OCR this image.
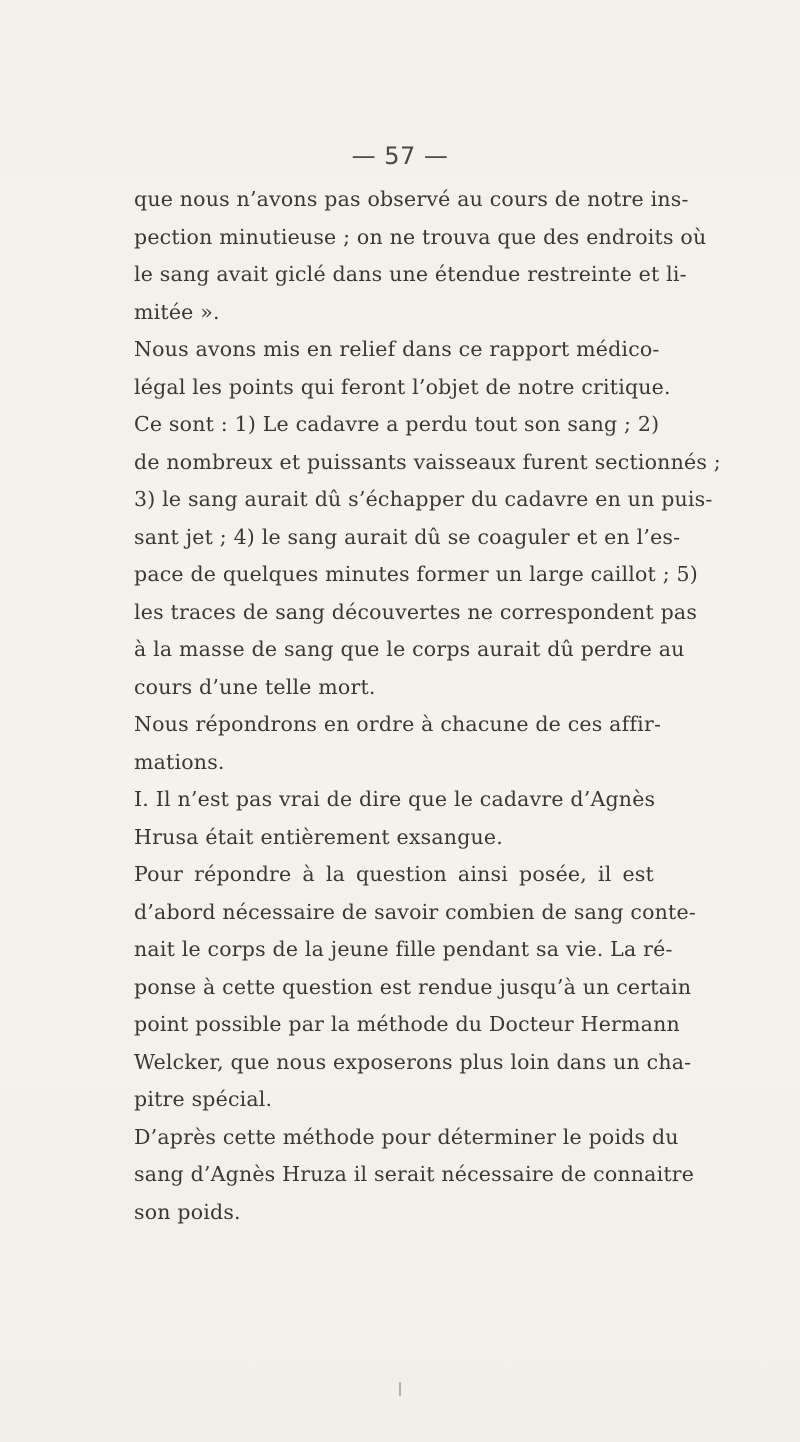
— 57 —
que nous n’avons pas observé au cours de notre ins-
pection minutieuse ; on ne trouva que des endroits où
le sang avait giclé dans une étendue restreinte et li-
mitée ».
Nous avons mis en relief dans ce rapport médico-
légal les points qui feront l’objet de notre critique.
Ce sont : 1) Le cadavre a perdu tout son sang ; 2)
de nombreux et puissants vaisseaux furent sectionnés ;
3) le sang aurait dû s’échapper du cadavre en un puis-
sant jet ; 4) le sang aurait dû se coaguler et en l’es-
pace de quelques minutes former un large caillot ; 5)
les traces de sang découvertes ne correspondent pas
à la masse de sang que le corps aurait dû perdre au
cours d’une telle mort.
Nous répondrons en ordre à chacune de ces affir-
mations.
I. Il n’est pas vrai de dire que le cadavre d’Agnès
Hrusa était entièrement exsangue.
Pour répondre à la question ainsi posée, il est
d’abord nécessaire de savoir combien de sang conte-
nait le corps de la jeune fille pendant sa vie. La ré-
ponse à cette question est rendue jusqu’à un certain
point possible par la méthode du Docteur Hermann
Welcker, que nous exposerons plus loin dans un cha-
pitre spécial.
D’après cette méthode pour déterminer le poids du
sang d’Agnès Hruza il serait nécessaire de connaitre
son poids.
